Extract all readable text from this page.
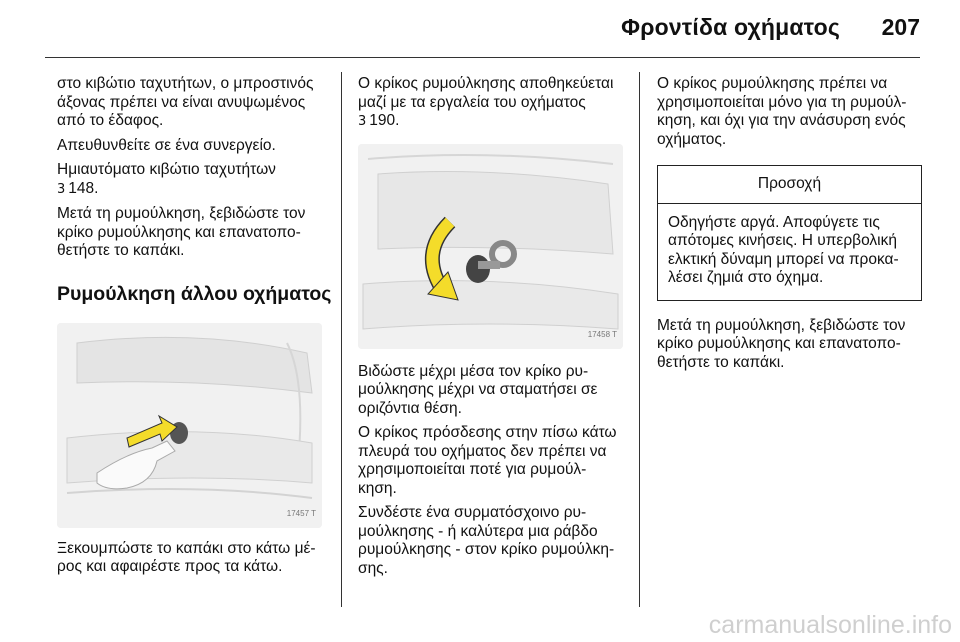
Φροντίδα οχήματος 207

στο κιβώτιο ταχυτήτων, ο μπροστινός άξονας πρέπει να είναι ανυψωμένος από το έδαφος.

Απευθυνθείτε σε ένα συνεργείο.

Ημιαυτόματο κιβώτιο ταχυτήτων
3 148.

Μετά τη ρυμούλκηση, ξεβιδώστε τον κρίκο ρυμούλκησης και επανατοπο-θετήστε το καπάκι.

Ρυμούλκηση άλλου οχήματος
17457 T

Ξεκουμπώστε το καπάκι στο κάτω μέ-ρος και αφαιρέστε προς τα κάτω.

Ο κρίκος ρυμούλκησης αποθηκεύεται μαζί με τα εργαλεία του οχήματος
3 190.

17458 T

Βιδώστε μέχρι μέσα τον κρίκο ρυ-μούλκησης μέχρι να σταματήσει σε οριζόντια θέση.

Ο κρίκος πρόσδεσης στην πίσω κάτω πλευρά του οχήματος δεν πρέπει να χρησιμοποιείται ποτέ για ρυμούλ-κηση.

Συνδέστε ένα συρματόσχοινο ρυ-μούλκησης - ή καλύτερα μια ράβδο ρυμούλκησης - στον κρίκο ρυμούλκη-σης.

Ο κρίκος ρυμούλκησης πρέπει να χρησιμοποιείται μόνο για τη ρυμούλ-κηση, και όχι για την ανάσυρση ενός οχήματος.

Προσοχή

Οδηγήστε αργά. Αποφύγετε τις απότομες κινήσεις. Η υπερβολική ελκτική δύναμη μπορεί να προκα-λέσει ζημιά στο όχημα.

Μετά τη ρυμούλκηση, ξεβιδώστε τον κρίκο ρυμούλκησης και επανατοπο-θετήστε το καπάκι.

carmanualsonline.info
